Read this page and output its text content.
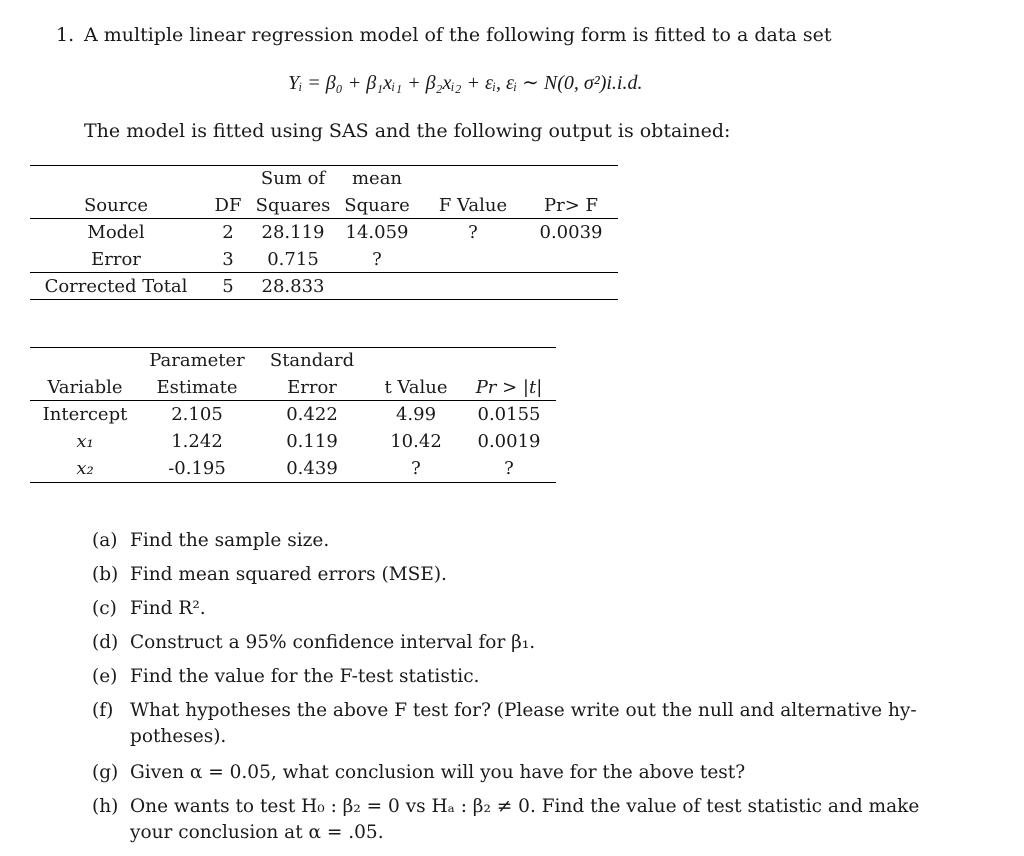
1. A multiple linear regression model of the following form is fitted to a data set
Yᵢ = β₀ + β₁xᵢ₁ + β₂xᵢ₂ + εᵢ, εᵢ ∼ N(0, σ²)i.i.d.
The model is fitted using SAS and the following output is obtained:
		Sum of	mean		
Source	DF	Squares	Square	F Value	Pr> F
Model	2	28.119	14.059	?	0.0039
Error	3	0.715	?		
Corrected Total	5	28.833			
	Parameter	Standard		
Variable	Estimate	Error	t Value	Pr > |t|
Intercept	2.105	0.422	4.99	0.0155
x₁	1.242	0.119	10.42	0.0019
x₂	-0.195	0.439	?	?
(a) Find the sample size.
(b) Find mean squared errors (MSE).
(c) Find R².
(d) Construct a 95% confidence interval for β₁.
(e) Find the value for the F-test statistic.
(f) What hypotheses the above F test for? (Please write out the null and alternative hy-
potheses).
(g) Given α = 0.05, what conclusion will you have for the above test?
(h) One wants to test H₀ : β₂ = 0 vs Hₐ : β₂ ≠ 0. Find the value of test statistic and make
your conclusion at α = .05.
